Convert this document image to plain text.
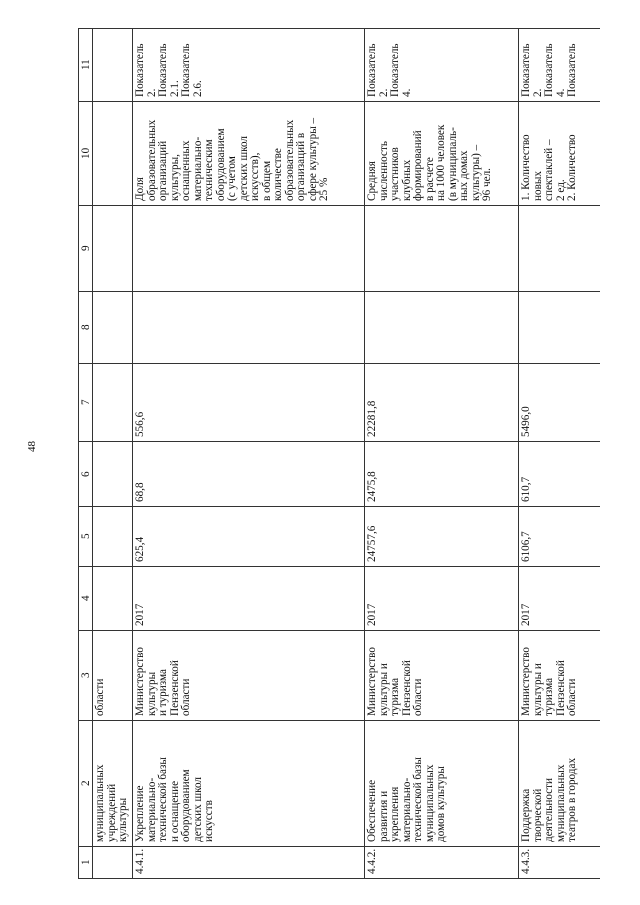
48
1
2
3
4
5
6
7
8
9
10
11
муниципальных
учреждений
культуры
области
4.4.1.
Укрепление
материально-
технической базы
и оснащение
оборудованием
детских школ
искусств
Министерство
культуры
и туризма
Пензенской
области
2017
625,4
68,8
556,6
Доля
образовательных
организаций
культуры,
оснащенных
материально-
техническим
оборудованием
(с учетом
детских школ
искусств),
в общем
количестве
образовательных
организаций в
сфере культуры –
25 %
Показатель
2.
Показатель
2.1.
Показатель
2.6.
4.4.2.
Обеспечение
развития и
укрепления
материально-
технической базы
муниципальных
домов культуры
Министерство
культуры и
туризма
Пензенской
области
2017
24757,6
2475,8
22281,8
Средняя
численность
участников
клубных
формирований
в расчете
на 1000 человек
(в муниципаль-
ных домах
культуры) –
96 чел.
Показатель
2.
Показатель
4.
4.4.3.
Поддержка
творческой
деятельности
муниципальных
театров в городах
Министерство
культуры и
туризма
Пензенской
области
2017
6106,7
610,7
5496,0
1. Количество
новых
спектаклей –
2 ед.
2. Количество
Показатель
2.
Показатель
4.
Показатель
